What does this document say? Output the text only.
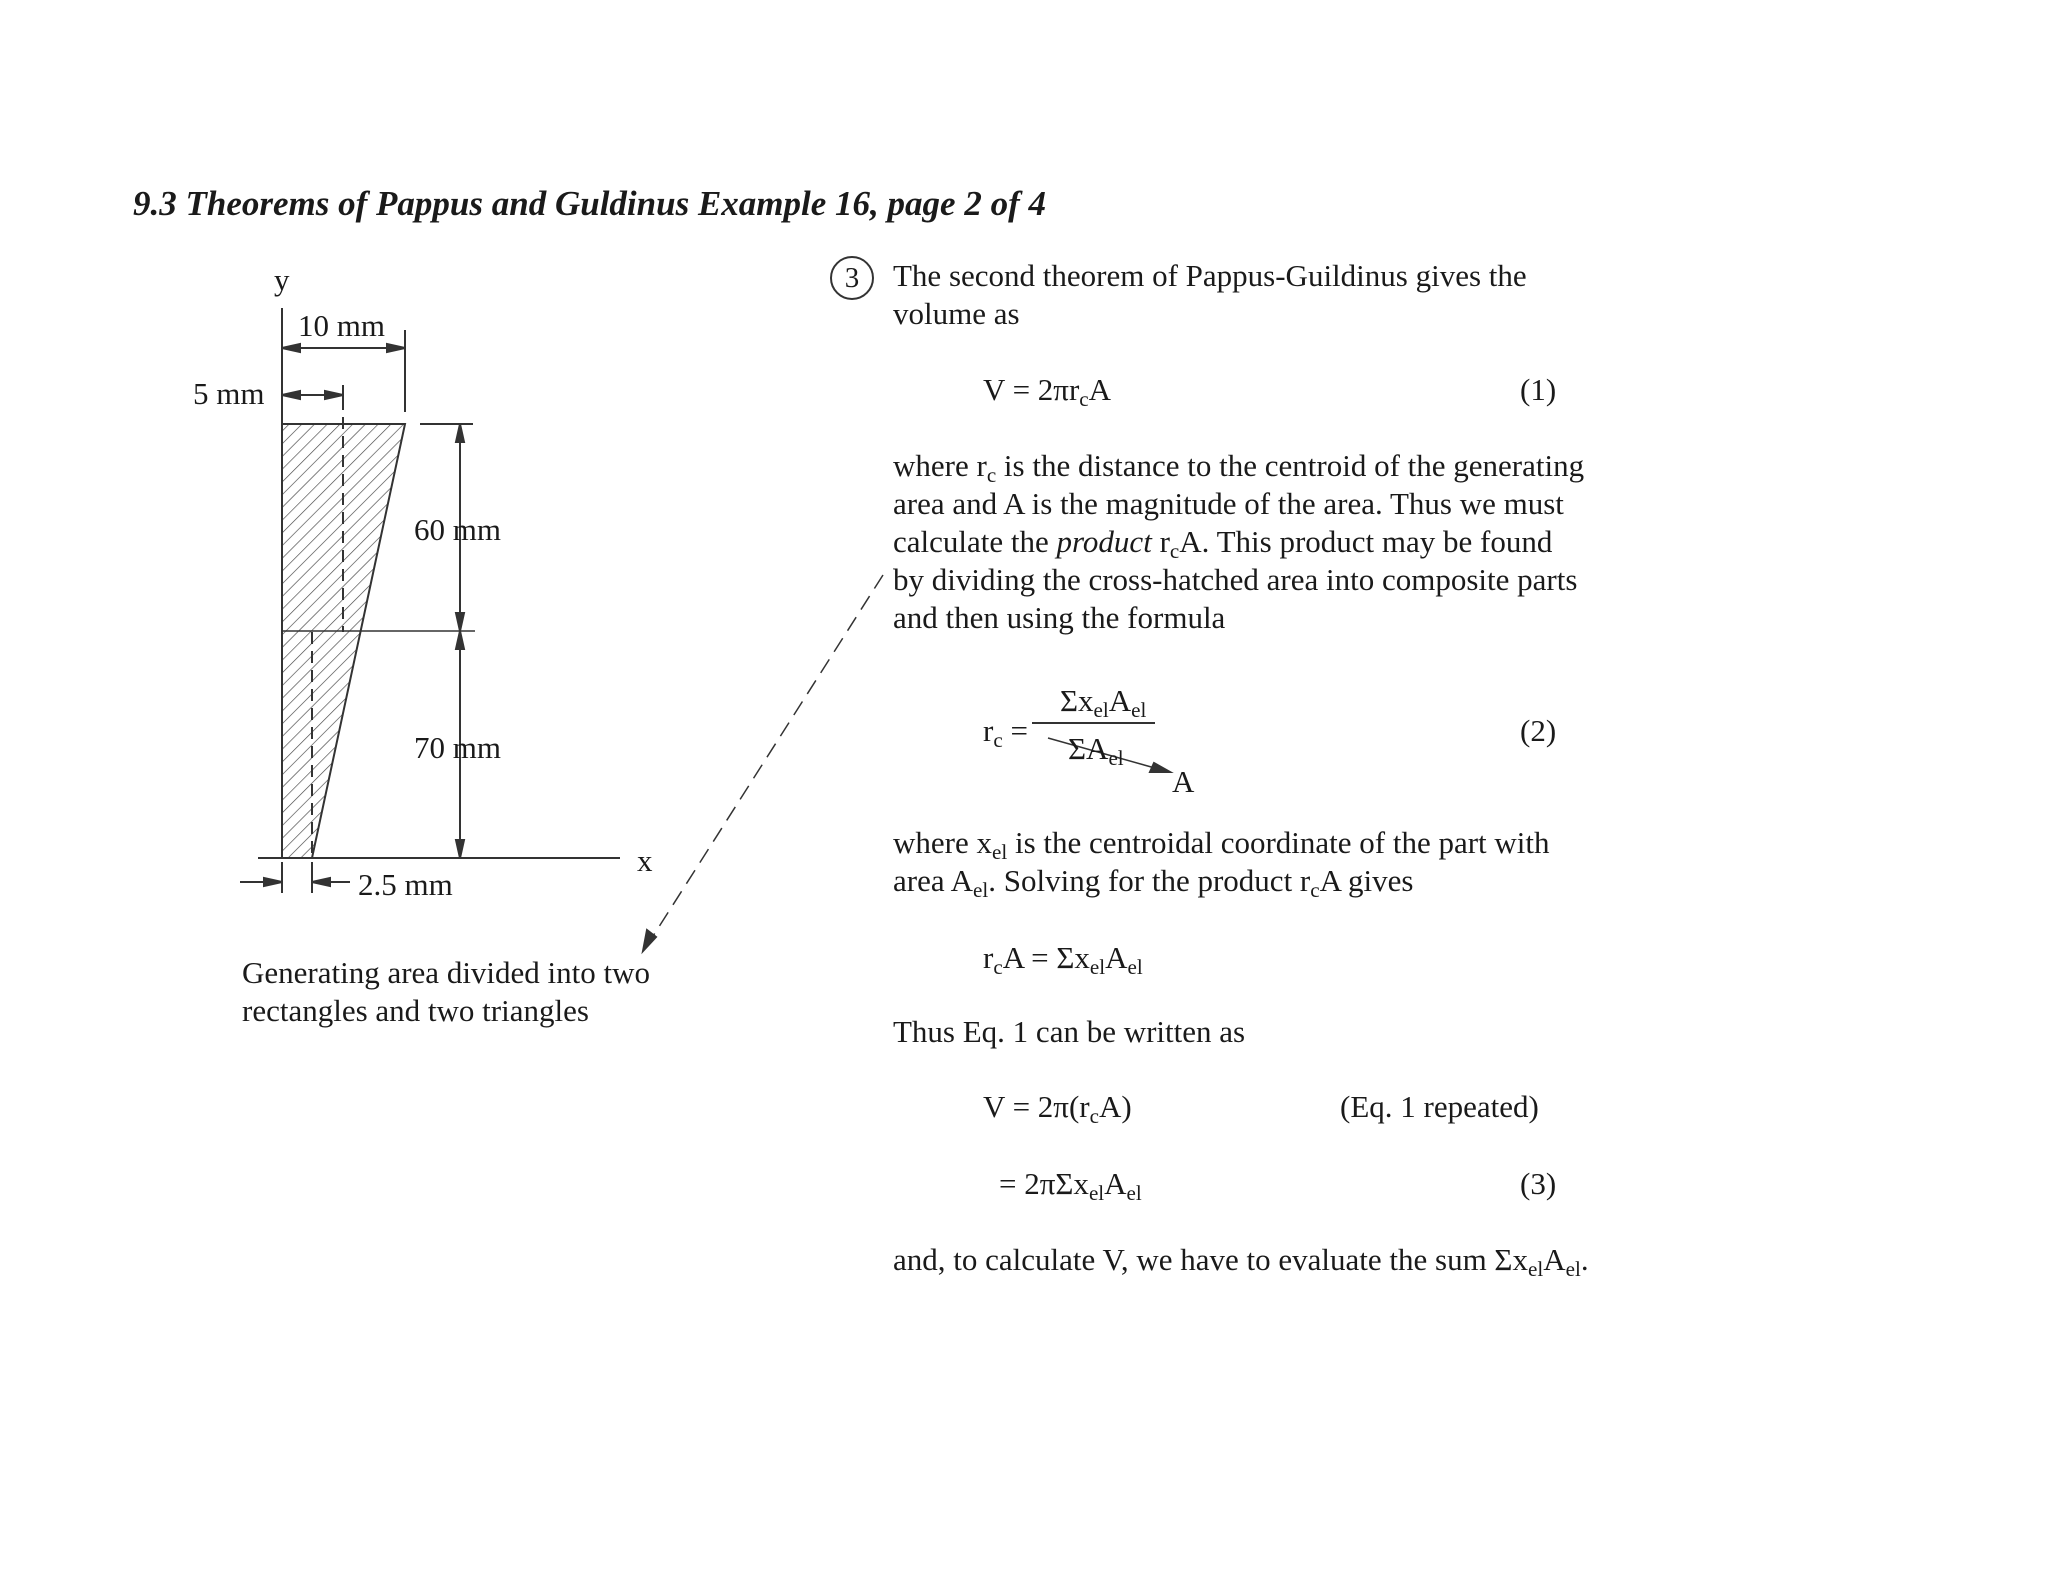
9.3 Theorems of Pappus and Guldinus Example 16, page 2 of 4
y
10 mm
5 mm
60 mm
70 mm
x
2.5 mm
Generating area divided into two
rectangles and two triangles
3	The second theorem of Pappus-Guildinus gives the
volume as
$V = 2\pi r_cA$	(1)
where $r_c$ is the distance to the centroid of the generating
area and A is the magnitude of the area. Thus we must
calculate the product $r_cA$. This product may be found
by dividing the cross-hatched area into composite parts
and then using the formula
$r_c$ =
$\Sigma x_{el}A_{el}$
$\Sigma A_{el}$
A
(2)
where $x_{el}$ is the centroidal coordinate of the part with
area $A_{el}$. Solving for the product $r_cA$ gives
$r_cA = \Sigma x_{el}A_{el}$
Thus Eq. 1 can be written as
$V = 2\pi(r_cA)$	(Eq. 1 repeated)
= $2\pi\Sigma x_{el}A_{el}$	(3)
and, to calculate V, we have to evaluate the sum $\Sigma x_{el}A_{el}$.
